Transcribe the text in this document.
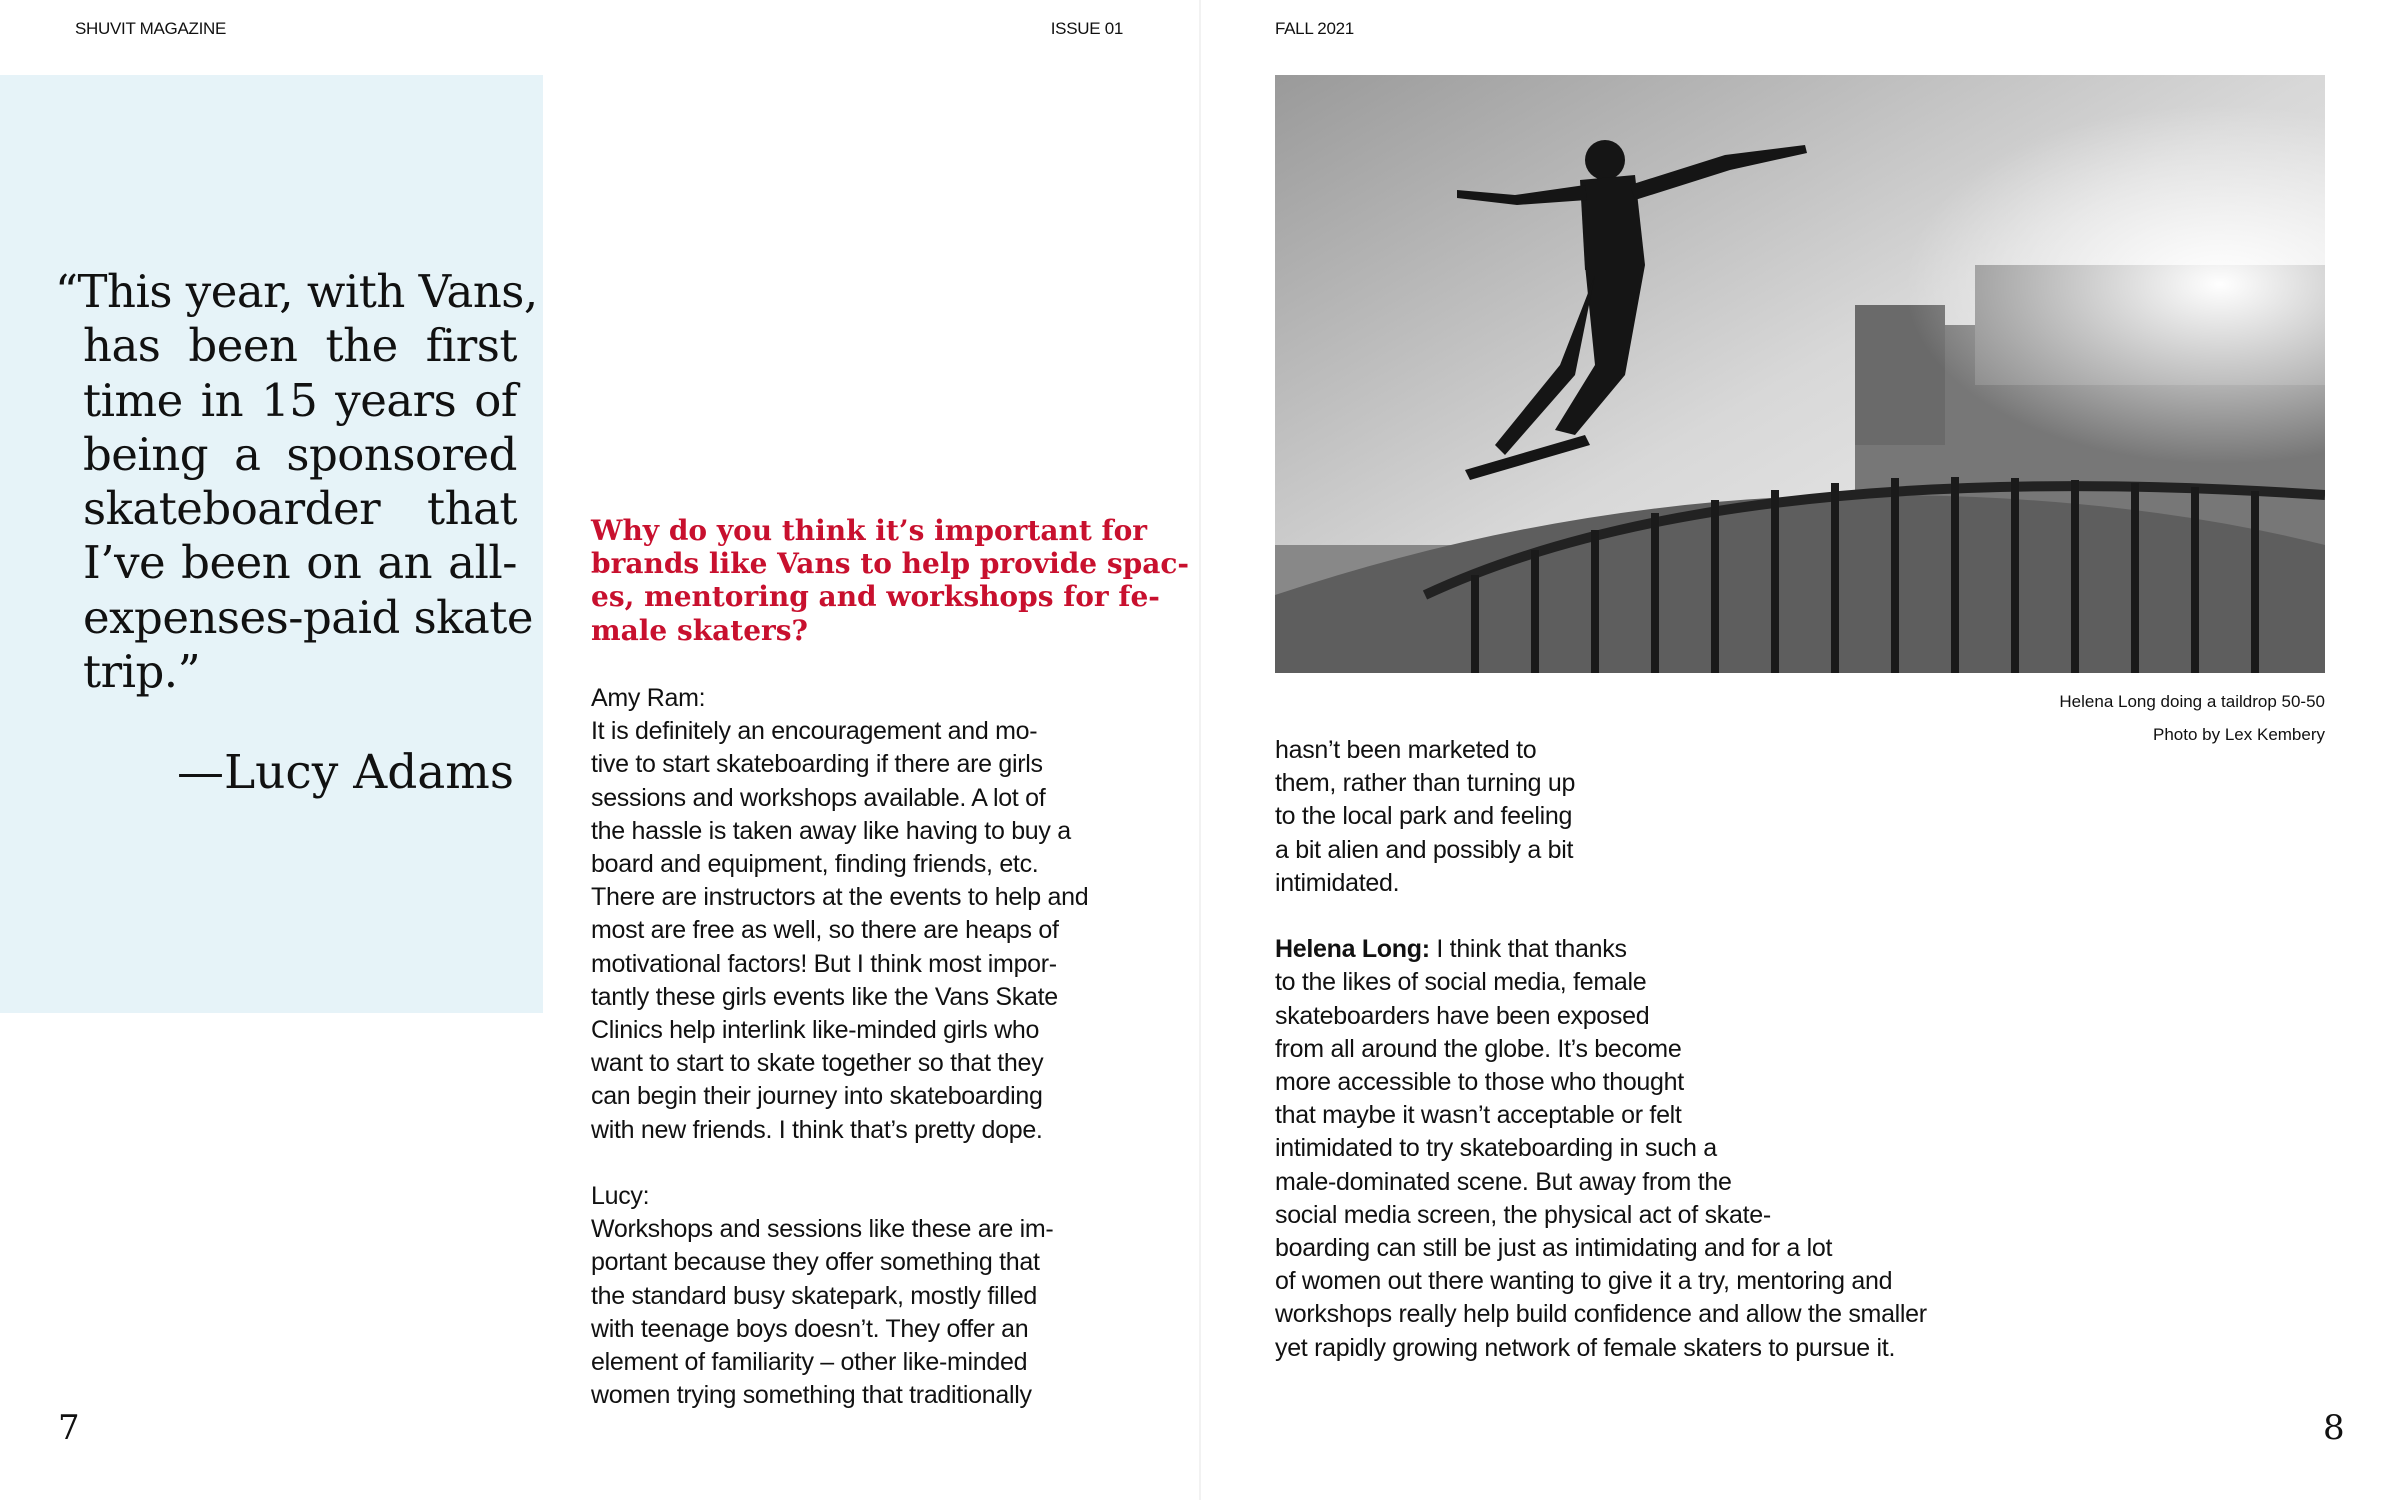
SHUVIT MAGAZINE	ISSUE 01	FALL 2021
“This year, with Vans,
has been the first
time in 15 years of
being a sponsored
skateboarder that
I’ve been on an all-
expenses-paid skate
trip.”
—Lucy Adams
Why do you think it’s important for
brands like Vans to help provide spac-
es, mentoring and workshops for fe-
male skaters?
Amy Ram:
It is definitely an encouragement and mo-
tive to start skateboarding if there are girls
sessions and workshops available. A lot of
the hassle is taken away like having to buy a
board and equipment, finding friends, etc.
There are instructors at the events to help and
most are free as well, so there are heaps of
motivational factors! But I think most impor-
tantly these girls events like the Vans Skate
Clinics help interlink like-minded girls who
want to start to skate together so that they
can begin their journey into skateboarding
with new friends. I think that’s pretty dope.
Lucy:
Workshops and sessions like these are im-
portant because they offer something that
the standard busy skatepark, mostly filled
with teenage boys doesn’t. They offer an
element of familiarity – other like-minded
women trying something that traditionally
hasn’t been marketed to
them, rather than turning up
to the local park and feeling
a bit alien and possibly a bit
intimidated.
Helena Long: I think that thanks
to the likes of social media, female
skateboarders have been exposed
from all around the globe. It’s become
more accessible to those who thought
that maybe it wasn’t acceptable or felt
intimidated to try skateboarding in such a
male-dominated scene. But away from the
social media screen, the physical act of skate-
boarding can still be just as intimidating and for a lot
of women out there wanting to give it a try, mentoring and
workshops really help build confidence and allow the smaller
yet rapidly growing network of female skaters to pursue it.
Helena Long doing a taildrop 50-50
Photo by Lex Kembery
7	8
